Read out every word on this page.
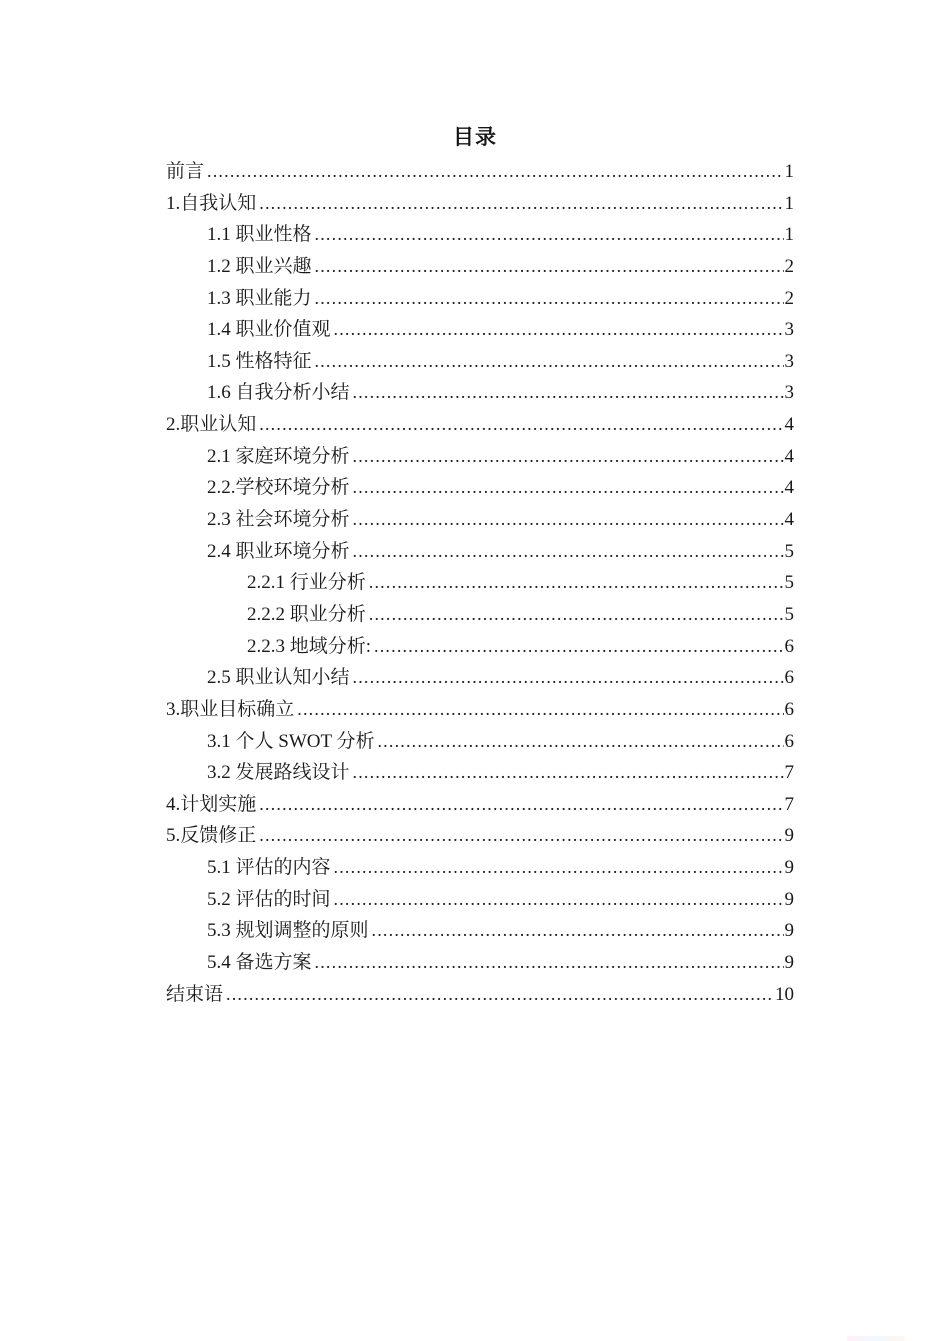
目录
前言 .....	1
1.自我认知 .....	1
1.1 职业性格 .....	1
1.2 职业兴趣 .....	2
1.3 职业能力 .....	2
1.4 职业价值观 .....	3
1.5 性格特征 .....	3
1.6 自我分析小结 .....	3
2.职业认知 .....	4
2.1 家庭环境分析 .....	4
2.2.学校环境分析 .....	4
2.3 社会环境分析 .....	4
2.4 职业环境分析 .....	5
2.2.1 行业分析 .....	5
2.2.2 职业分析 .....	5
2.2.3 地域分析: .....	6
2.5 职业认知小结 .....	6
3.职业目标确立 .....	6
3.1 个人 SWOT 分析 .....	6
3.2 发展路线设计 .....	7
4.计划实施 .....	7
5.反馈修正 .....	9
5.1 评估的内容 .....	9
5.2 评估的时间 .....	9
5.3 规划调整的原则 .....	9
5.4 备选方案 .....	9
结束语 .....	10
